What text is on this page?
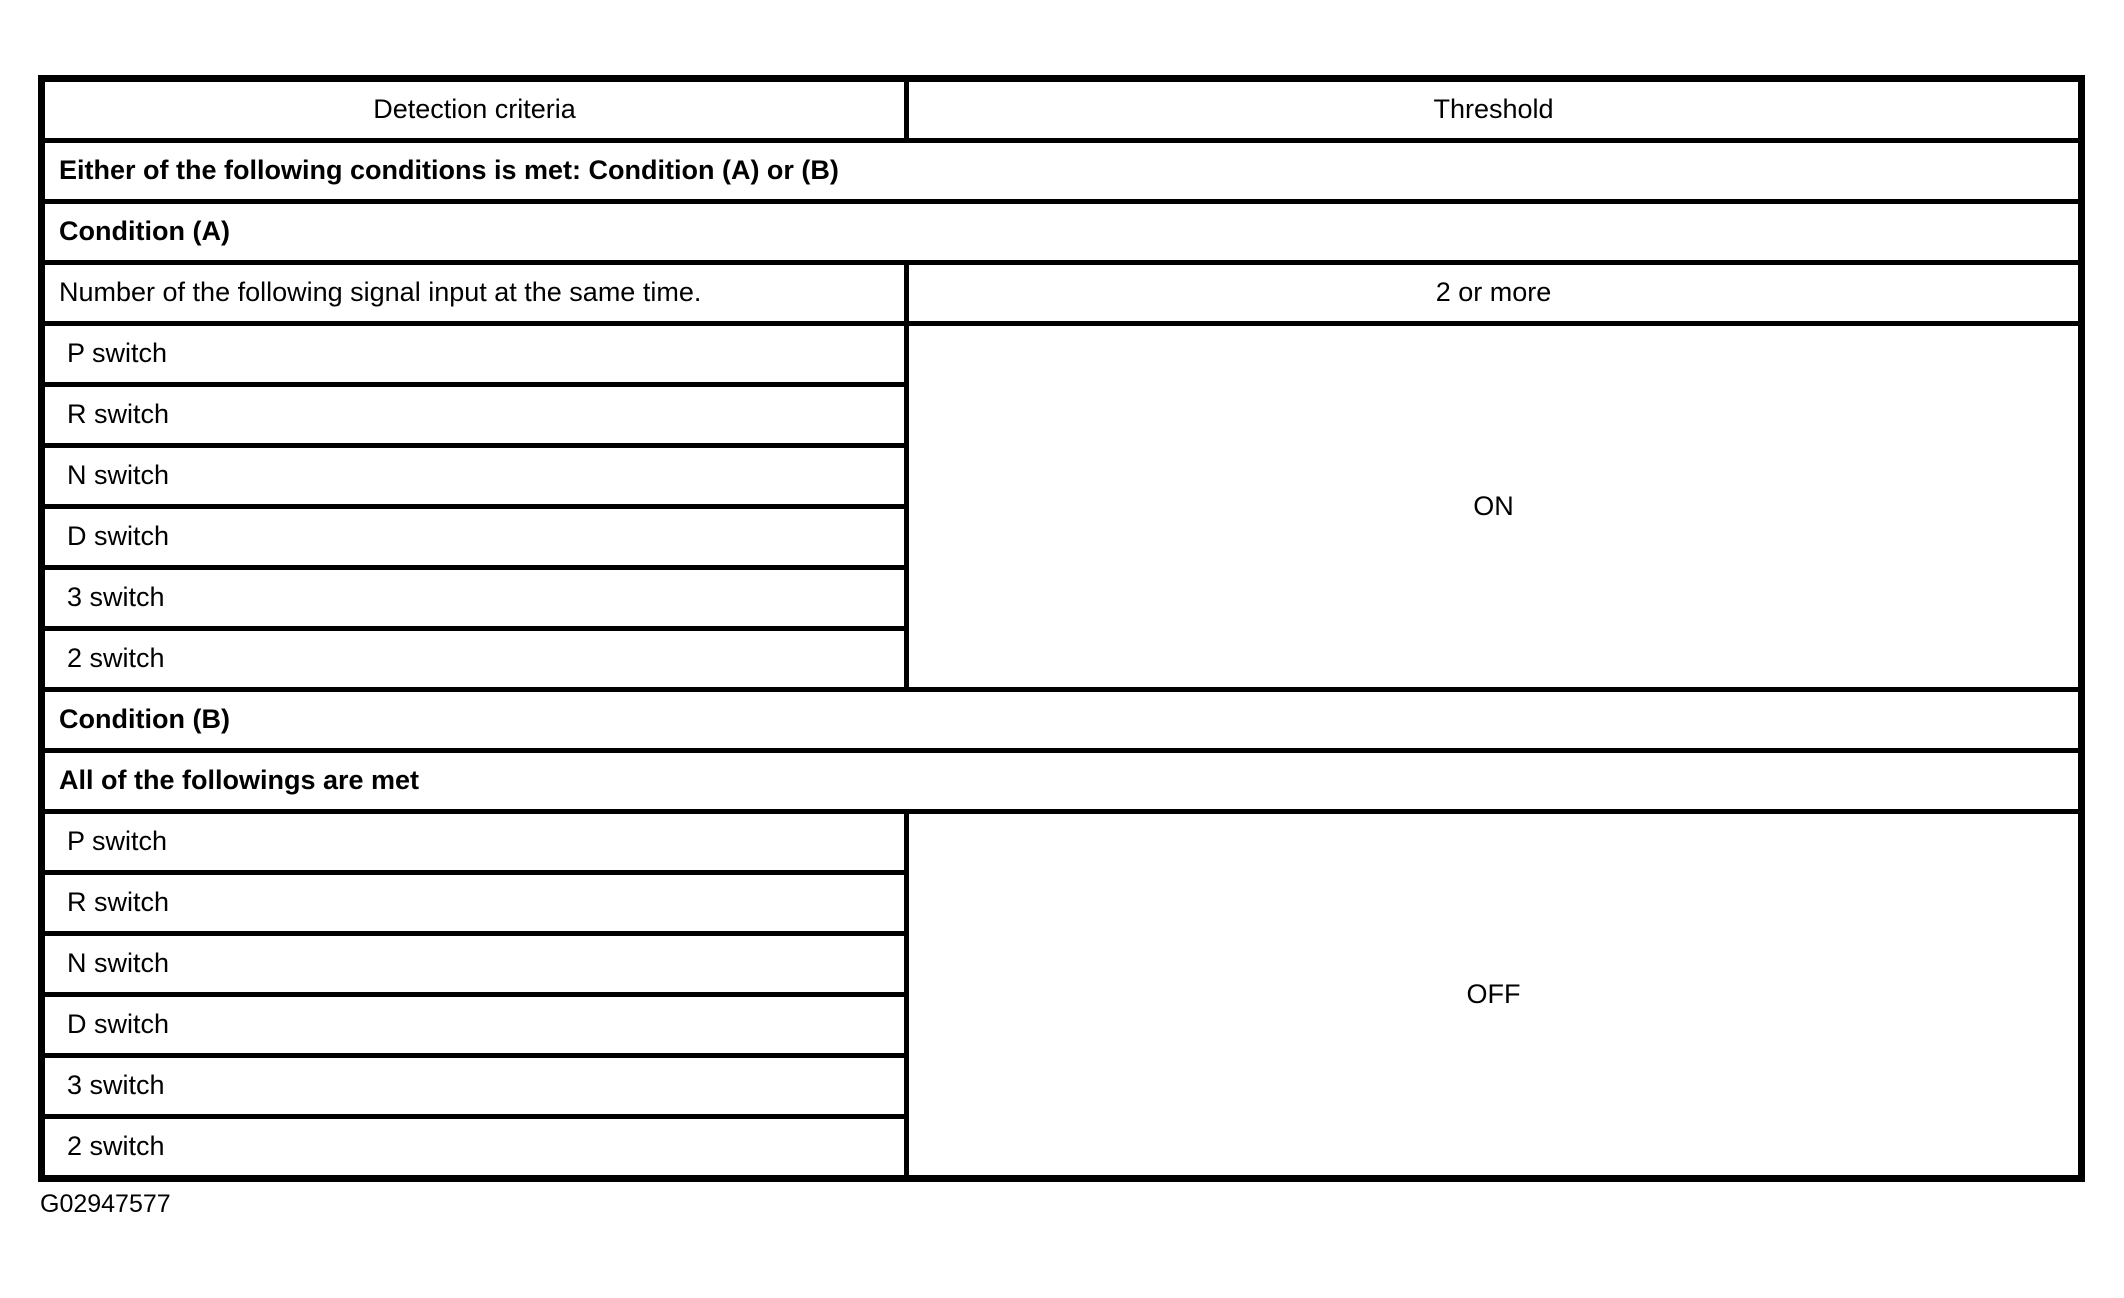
Detection criteria	Threshold
Either of the following conditions is met: Condition (A) or (B)	
Condition (A)	
Number of the following signal input at the same time.	2 or more
P switch	ON
R switch	
N switch	
D switch	
3 switch	
2 switch	
Condition (B)	
All of the followings are met	
P switch	OFF
R switch	
N switch	
D switch	
3 switch	
2 switch	
G02947577
